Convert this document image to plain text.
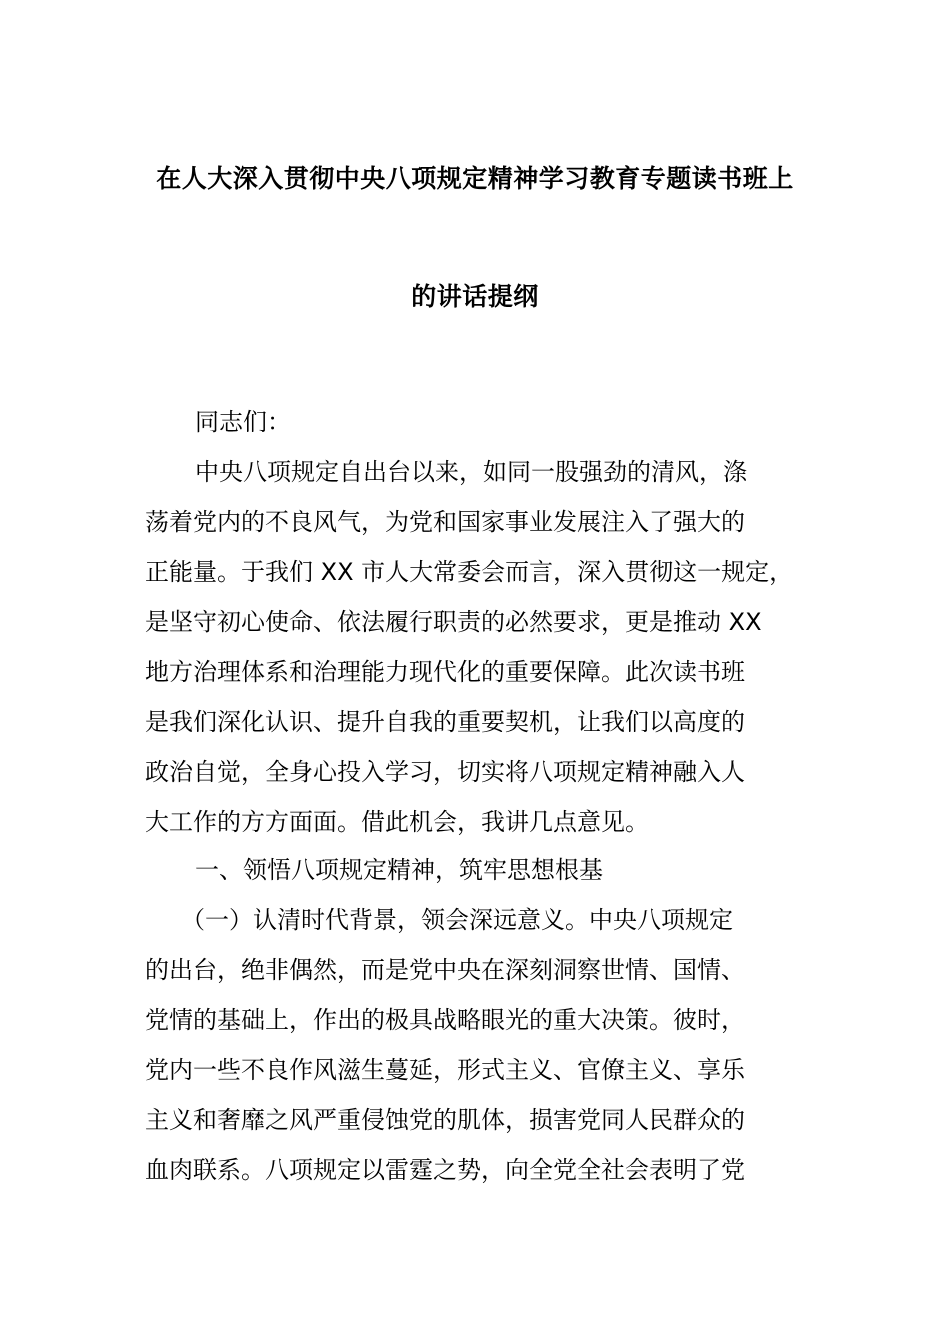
在人大深入贯彻中央八项规定精神学习教育专题读书班上
的讲话提纲
同志们：
中央八项规定自出台以来，如同一股强劲的清风，涤
荡着党内的不良风气，为党和国家事业发展注入了强大的
正能量。于我们 XX 市人大常委会而言，深入贯彻这一规定，
是坚守初心使命、依法履行职责的必然要求，更是推动 XX
地方治理体系和治理能力现代化的重要保障。此次读书班
是我们深化认识、提升自我的重要契机，让我们以高度的
政治自觉，全身心投入学习，切实将八项规定精神融入人
大工作的方方面面。借此机会，我讲几点意见。
一、领悟八项规定精神，筑牢思想根基
（一）认清时代背景，领会深远意义。中央八项规定
的出台，绝非偶然，而是党中央在深刻洞察世情、国情、
党情的基础上，作出的极具战略眼光的重大决策。彼时，
党内一些不良作风滋生蔓延，形式主义、官僚主义、享乐
主义和奢靡之风严重侵蚀党的肌体，损害党同人民群众的
血肉联系。八项规定以雷霆之势，向全党全社会表明了党
